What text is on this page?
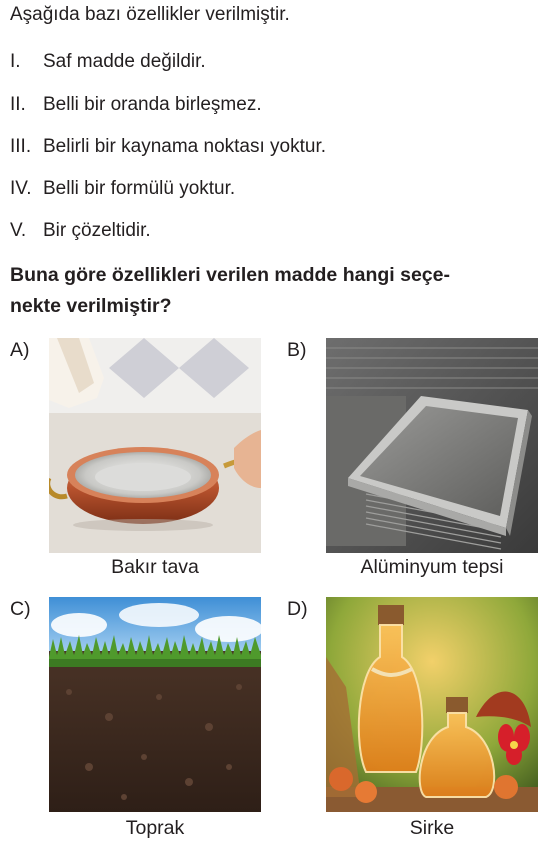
Aşağıda bazı özellikler verilmiştir.
I. Saf madde değildir.
II. Belli bir oranda birleşmez.
III. Belirli bir kaynama noktası yoktur.
IV. Belli bir formülü yoktur.
V. Bir çözeltidir.
Buna göre özellikleri verilen madde hangi seçe-
nekte verilmiştir?
A)
Bakır tava
B)
Alüminyum tepsi
C)
Toprak
D)
Sirke
